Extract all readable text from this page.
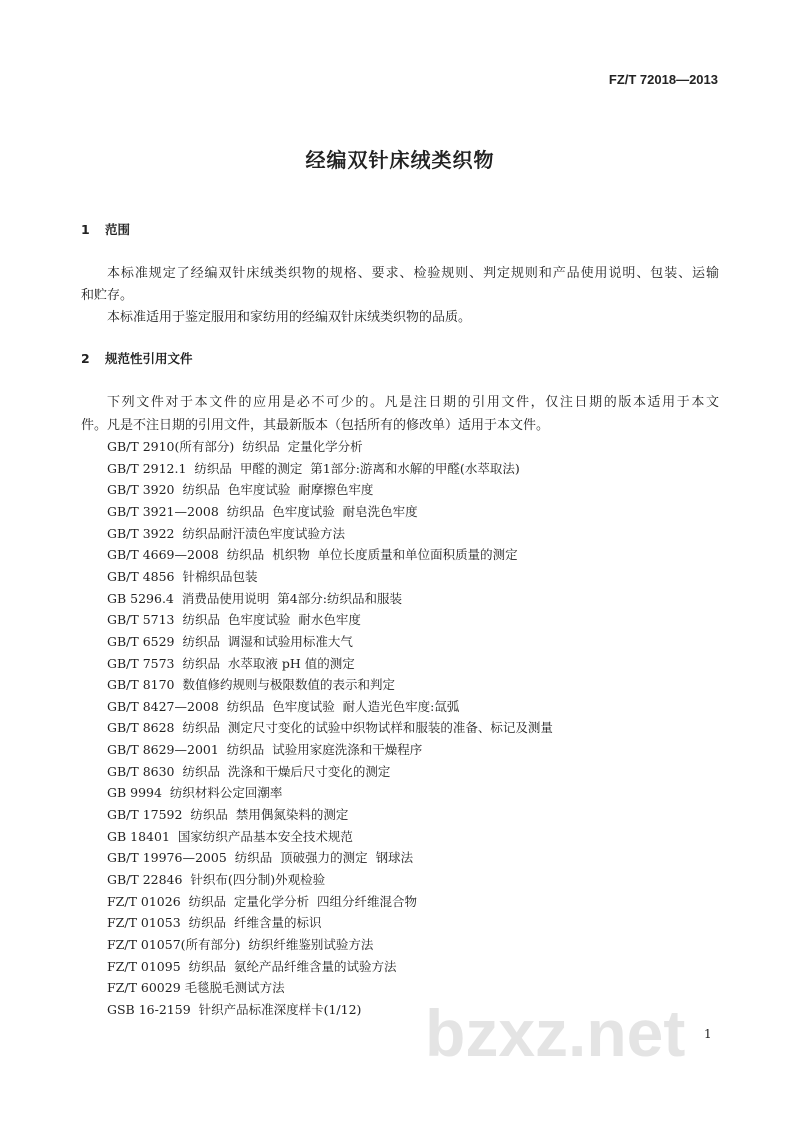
FZ/T 72018—2013
经编双针床绒类织物
1 范围
本标准规定了经编双针床绒类织物的规格、要求、检验规则、判定规则和产品使用说明、包装、运输
和贮存。
本标准适用于鉴定服用和家纺用的经编双针床绒类织物的品质。
2 规范性引用文件
下列文件对于本文件的应用是必不可少的。凡是注日期的引用文件，仅注日期的版本适用于本文
件。凡是不注日期的引用文件，其最新版本（包括所有的修改单）适用于本文件。
GB/T 2910(所有部分)  纺织品  定量化学分析
GB/T 2912.1  纺织品  甲醛的测定  第1部分:游离和水解的甲醛(水萃取法)
GB/T 3920  纺织品  色牢度试验  耐摩擦色牢度
GB/T 3921—2008  纺织品  色牢度试验  耐皂洗色牢度
GB/T 3922  纺织品耐汗渍色牢度试验方法
GB/T 4669—2008  纺织品  机织物  单位长度质量和单位面积质量的测定
GB/T 4856  针棉织品包装
GB 5296.4  消费品使用说明  第4部分:纺织品和服装
GB/T 5713  纺织品  色牢度试验  耐水色牢度
GB/T 6529  纺织品  调湿和试验用标准大气
GB/T 7573  纺织品  水萃取液 pH 值的测定
GB/T 8170  数值修约规则与极限数值的表示和判定
GB/T 8427—2008  纺织品  色牢度试验  耐人造光色牢度:氙弧
GB/T 8628  纺织品  测定尺寸变化的试验中织物试样和服装的准备、标记及测量
GB/T 8629—2001  纺织品  试验用家庭洗涤和干燥程序
GB/T 8630  纺织品  洗涤和干燥后尺寸变化的测定
GB 9994  纺织材料公定回潮率
GB/T 17592  纺织品  禁用偶氮染料的测定
GB 18401  国家纺织产品基本安全技术规范
GB/T 19976—2005  纺织品  顶破强力的测定  钢球法
GB/T 22846  针织布(四分制)外观检验
FZ/T 01026  纺织品  定量化学分析  四组分纤维混合物
FZ/T 01053  纺织品  纤维含量的标识
FZ/T 01057(所有部分)  纺织纤维鉴别试验方法
FZ/T 01095  纺织品  氨纶产品纤维含量的试验方法
FZ/T 60029 毛毯脱毛测试方法
GSB 16-2159  针织产品标准深度样卡(1/12) bzxz.net 1
